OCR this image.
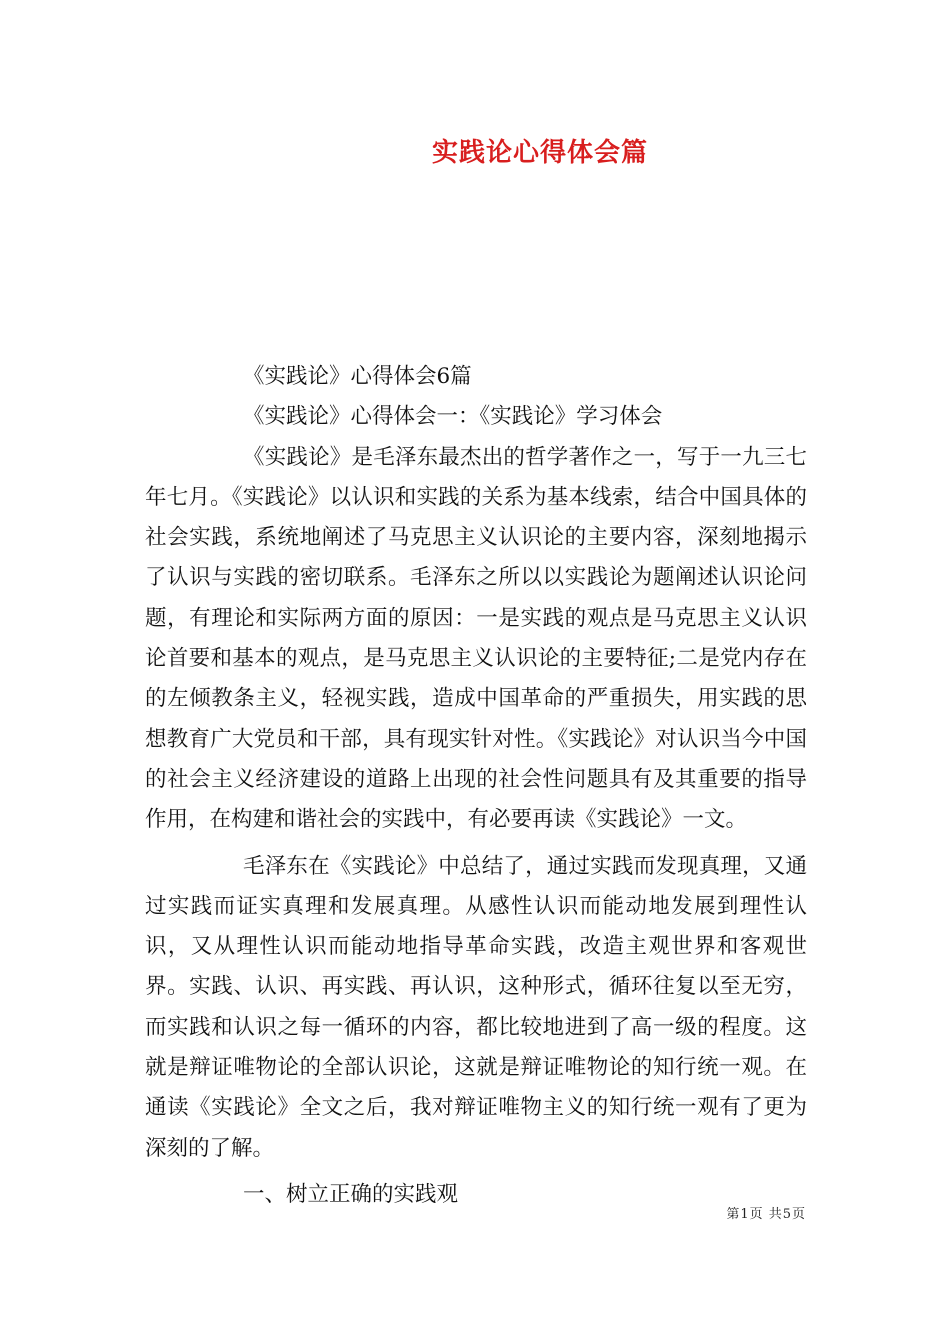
实践论心得体会篇

《实践论》心得体会6篇

《实践论》心得体会一：《实践论》学习体会

《实践论》是毛泽东最杰出的哲学著作之一，写于一九三七年七月。《实践论》以认识和实践的关系为基本线索，结合中国具体的社会实践，系统地阐述了马克思主义认识论的主要内容，深刻地揭示了认识与实践的密切联系。毛泽东之所以以实践论为题阐述认识论问题，有理论和实际两方面的原因：一是实践的观点是马克思主义认识论首要和基本的观点，是马克思主义认识论的主要特征;二是党内存在的左倾教条主义，轻视实践，造成中国革命的严重损失，用实践的思想教育广大党员和干部，具有现实针对性。《实践论》对认识当今中国的社会主义经济建设的道路上出现的社会性问题具有及其重要的指导作用，在构建和谐社会的实践中，有必要再读《实践论》一文。

毛泽东在《实践论》中总结了，通过实践而发现真理，又通过实践而证实真理和发展真理。从感性认识而能动地发展到理性认识，又从理性认识而能动地指导革命实践，改造主观世界和客观世界。实践、认识、再实践、再认识，这种形式，循环往复以至无穷，而实践和认识之每一循环的内容，都比较地进到了高一级的程度。这就是辩证唯物论的全部认识论，这就是辩证唯物论的知行统一观。在通读《实践论》全文之后，我对辩证唯物主义的知行统一观有了更为深刻的了解。

一、树立正确的实践观

第1页 共5页
